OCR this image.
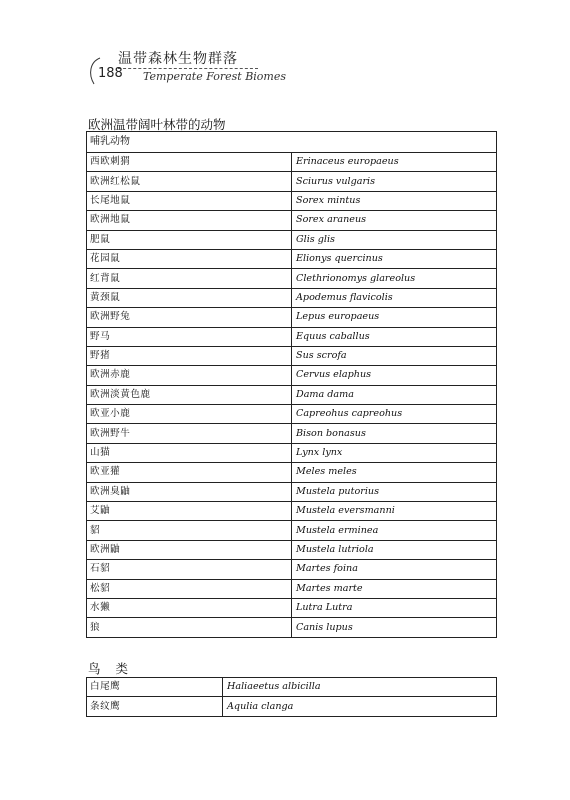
温带森林生物群落
188 Temperate Forest Biomes
欧洲温带阔叶林带的动物
哺乳动物	
西欧刺猬	Erinaceus europaeus
欧洲红松鼠	Sciurus vulgaris
长尾地鼠	Sorex mintus
欧洲地鼠	Sorex araneus
肥鼠	Glis glis
花园鼠	Elionys quercinus
红背鼠	Clethrionomys glareolus
黄颈鼠	Apodemus flavicolis
欧洲野兔	Lepus europaeus
野马	Equus caballus
野猪	Sus scrofa
欧洲赤鹿	Cervus elaphus
欧洲淡黄色鹿	Dama dama
欧亚小鹿	Capreohus capreohus
欧洲野牛	Bison bonasus
山猫	Lynx lynx
欧亚獾	Meles meles
欧洲臭鼬	Mustela putorius
艾鼬	Mustela eversmanni
貂	Mustela erminea
欧洲鼬	Mustela lutriola
石貂	Martes foina
松貂	Martes marte
水獭	Lutra Lutra
狼	Canis lupus
鸟 类
白尾鹰	Haliaeetus albicilla
条纹鹰	Aqulia clanga
